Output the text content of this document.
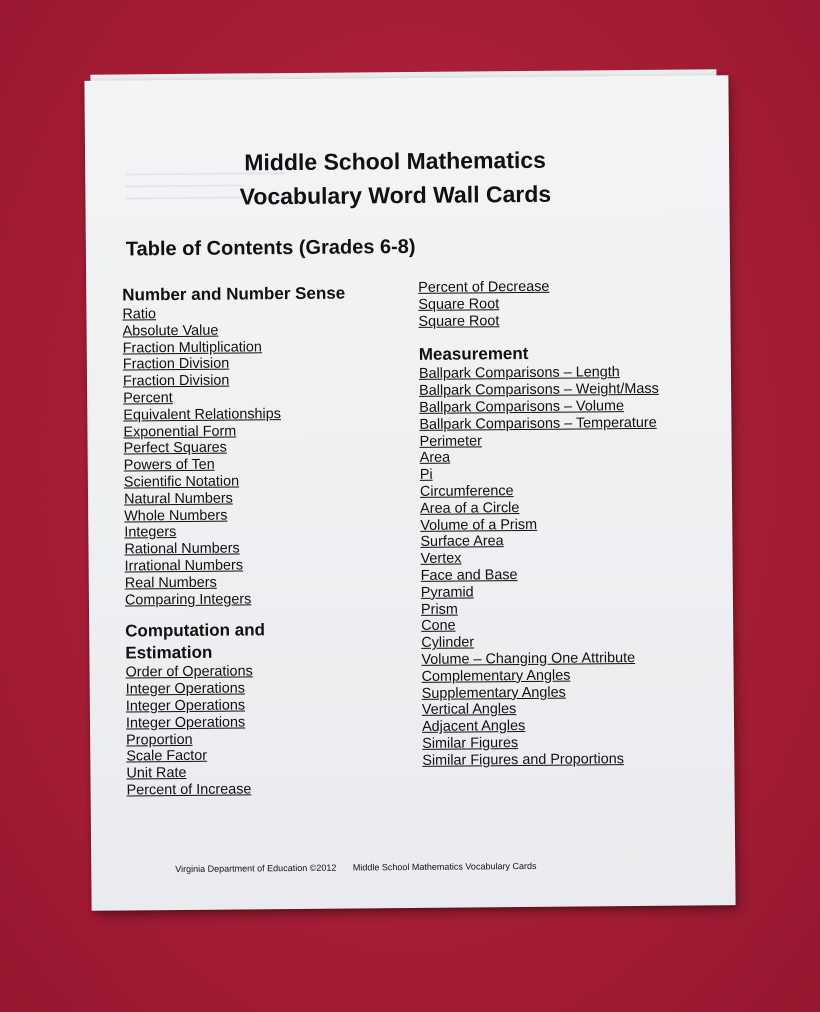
Middle School Mathematics
Vocabulary Word Wall Cards
Table of Contents (Grades 6-8)
Number and Number Sense
Ratio
Absolute Value
Fraction Multiplication
Fraction Division
Fraction Division
Percent
Equivalent Relationships
Exponential Form
Perfect Squares
Powers of Ten
Scientific Notation
Natural Numbers
Whole Numbers
Integers
Rational Numbers
Irrational Numbers
Real Numbers
Comparing Integers
Computation and
Estimation
Order of Operations
Integer Operations
Integer Operations
Integer Operations
Proportion
Scale Factor
Unit Rate
Percent of Increase
Percent of Decrease
Square Root
Square Root
Measurement
Ballpark Comparisons – Length
Ballpark Comparisons – Weight/Mass
Ballpark Comparisons – Volume
Ballpark Comparisons – Temperature
Perimeter
Area
Pi
Circumference
Area of a Circle
Volume of a Prism
Surface Area
Vertex
Face and Base
Pyramid
Prism
Cone
Cylinder
Volume – Changing One Attribute
Complementary Angles
Supplementary Angles
Vertical Angles
Adjacent Angles
Similar Figures
Similar Figures and Proportions
Virginia Department of Education ©2012 Middle School Mathematics Vocabulary Cards
